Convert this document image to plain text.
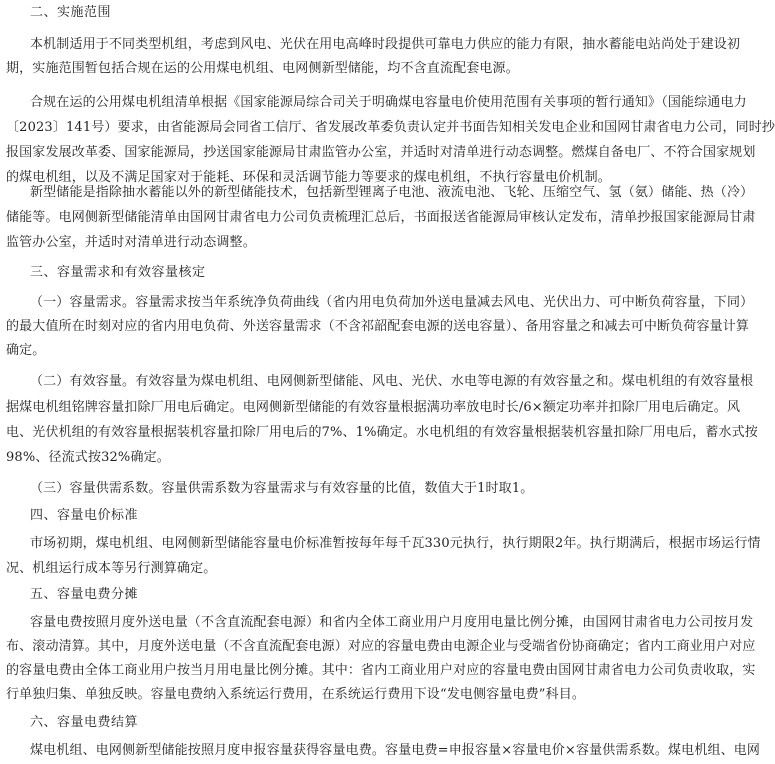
二、实施范围
本机制适用于不同类型机组，考虑到风电、光伏在用电高峰时段提供可靠电力供应的能力有限，抽水蓄能电站尚处于建设初
期，实施范围暂包括合规在运的公用煤电机组、电网侧新型储能，均不含直流配套电源。
合规在运的公用煤电机组清单根据《国家能源局综合司关于明确煤电容量电价使用范围有关事项的暂行通知》（国能综通电力
〔2023〕141号）要求，由省能源局会同省工信厅、省发展改革委负责认定并书面告知相关发电企业和国网甘肃省电力公司，同时抄
报国家发展改革委、国家能源局，抄送国家能源局甘肃监管办公室，并适时对清单进行动态调整。燃煤自备电厂、不符合国家规划
的煤电机组，以及不满足国家对于能耗、环保和灵活调节能力等要求的煤电机组，不执行容量电价机制。
新型储能是指除抽水蓄能以外的新型储能技术，包括新型锂离子电池、液流电池、飞轮、压缩空气、氢（氨）储能、热（冷）
储能等。电网侧新型储能清单由国网甘肃省电力公司负责梳理汇总后，书面报送省能源局审核认定发布，清单抄报国家能源局甘肃
监管办公室，并适时对清单进行动态调整。
三、容量需求和有效容量核定
（一）容量需求。容量需求按当年系统净负荷曲线（省内用电负荷加外送电量减去风电、光伏出力、可中断负荷容量，下同）
的最大值所在时刻对应的省内用电负荷、外送容量需求（不含祁韶配套电源的送电容量）、备用容量之和减去可中断负荷容量计算
确定。
（二）有效容量。有效容量为煤电机组、电网侧新型储能、风电、光伏、水电等电源的有效容量之和。煤电机组的有效容量根
据煤电机组铭牌容量扣除厂用电后确定。电网侧新型储能的有效容量根据满功率放电时长/6×额定功率并扣除厂用电后确定。风
电、光伏机组的有效容量根据装机容量扣除厂用电后的7%、1%确定。水电机组的有效容量根据装机容量扣除厂用电后，蓄水式按
98%、径流式按32%确定。
（三）容量供需系数。容量供需系数为容量需求与有效容量的比值，数值大于1时取1。
四、容量电价标准
市场初期，煤电机组、电网侧新型储能容量电价标准暂按每年每千瓦330元执行，执行期限2年。执行期满后，根据市场运行情
况、机组运行成本等另行测算确定。
五、容量电费分摊
容量电费按照月度外送电量（不含直流配套电源）和省内全体工商业用户月度用电量比例分摊，由国网甘肃省电力公司按月发
布、滚动清算。其中，月度外送电量（不含直流配套电源）对应的容量电费由电源企业与受端省份协商确定；省内工商业用户对应
的容量电费由全体工商业用户按当月用电量比例分摊。其中：省内工商业用户对应的容量电费由国网甘肃省电力公司负责收取，实
行单独归集、单独反映。容量电费纳入系统运行费用，在系统运行费用下设“发电侧容量电费”科目。
六、容量电费结算
煤电机组、电网侧新型储能按照月度申报容量获得容量电费。容量电费=申报容量×容量电价×容量供需系数。煤电机组、电网
